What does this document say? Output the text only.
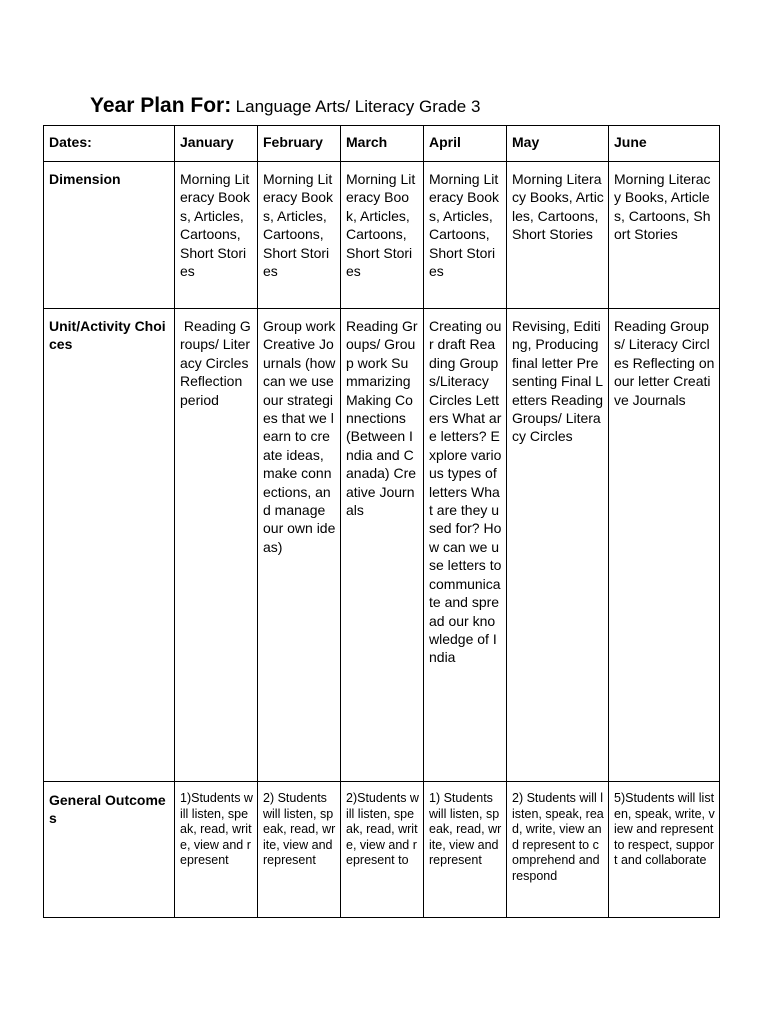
Year Plan For: Language Arts/ Literacy Grade 3
Dates:	January	February	March	April	May	June
Dimension	Morning Literacy Books, Articles, Cartoons, Short Stories	Morning Literacy Books, Articles, Cartoons, Short Stories	Morning Literacy Book, Articles, Cartoons, Short Stories	Morning Literacy Books, Articles, Cartoons, Short Stories	Morning Literacy Books, Articles, Cartoons, Short Stories	Morning Literacy Books, Articles, Cartoons, Short Stories
Unit/Activity Choices	Reading Groups/ Literacy Circles Reflection period	Group work Creative Journals (how can we use our strategies that we learn to create ideas, make connections, and manage our own ideas)	Reading Groups/ Group work Summarizing Making Connections (Between India and Canada) Creative Journals	Creating our draft Reading Groups/Literacy Circles Letters What are letters? Explore various types of letters What are they used for? How can we use letters to communicate and spread our knowledge of India	Revising, Editing, Producing final letter Presenting Final Letters Reading Groups/ Literacy Circles	Reading Groups/ Literacy Circles Reflecting on our letter Creative Journals
General Outcomes	1)Students will listen, speak, read, write, view and represent	2) Students will listen, speak, read, write, view and represent	2)Students will listen, speak, read, write, view and represent to	1) Students will listen, speak, read, write, view and represent	2) Students will listen, speak, read, write, view and represent to comprehend and respond	5)Students will listen, speak, write, view and represent to respect, support and collaborate
